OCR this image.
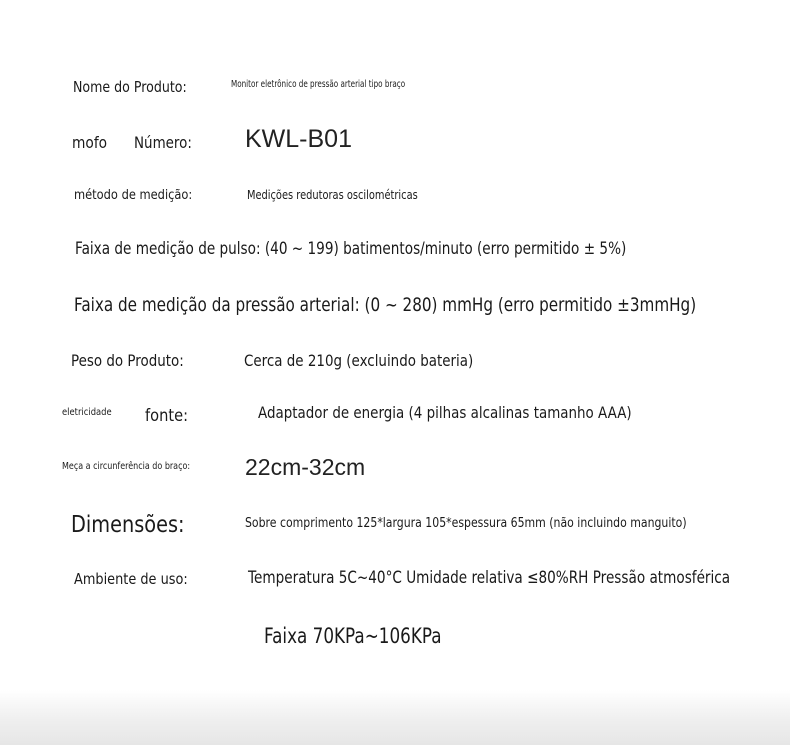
Nome do Produto:	Monitor eletrônico de pressão arterial tipo braço
mofo Número: KWL-B01
método de medição:	Medições redutoras oscilométricas
Faixa de medição de pulso: (40 ~ 199) batimentos/minuto (erro permitido ± 5%)
Faixa de medição da pressão arterial: (0 ~ 280) mmHg (erro permitido ±3mmHg)
Peso do Produto:	Cerca de 210g (excluindo bateria)
eletricidade fonte:	Adaptador de energia (4 pilhas alcalinas tamanho AAA)
Meça a circunferência do braço: 22cm-32cm
Dimensões:	Sobre comprimento 125*largura 105*espessura 65mm (não incluindo manguito)
Ambiente de uso:	Temperatura 5C~40°C Umidade relativa ≤80%RH Pressão atmosférica
Faixa 70KPa~106KPa
